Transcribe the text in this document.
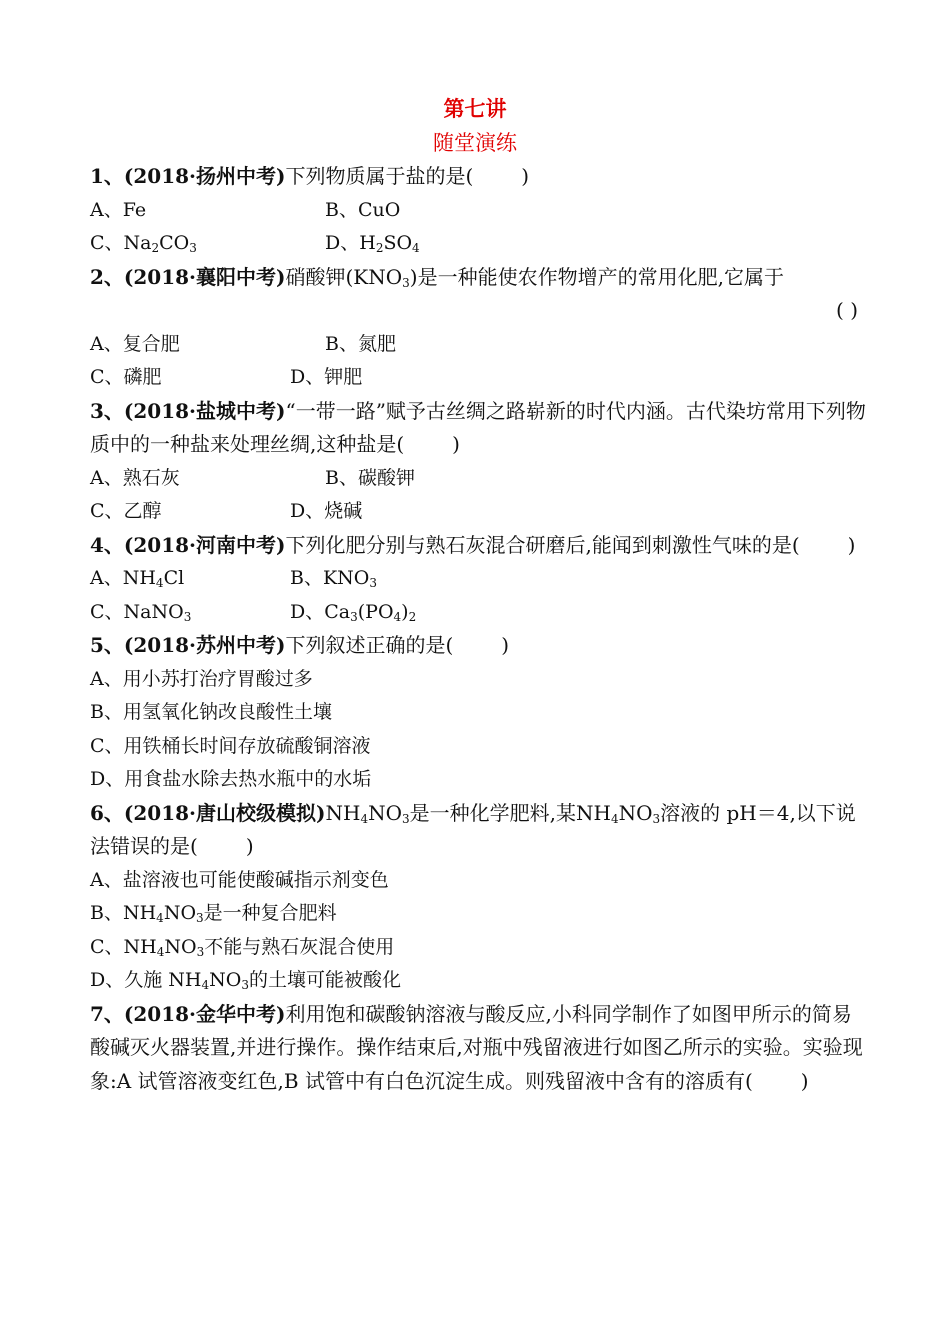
第七讲
随堂演练
1、(2018·扬州中考)下列物质属于盐的是( )
A、Fe	B、CuO
C、$Na_2CO_3$	D、$H_2SO_4$
2、(2018·襄阳中考)硝酸钾$(KNO_3)$是一种能使农作物增产的常用化肥,它属于
( )
A、复合肥	B、氮肥
C、磷肥	D、钾肥
3、(2018·盐城中考)“一带一路”赋予古丝绸之路崭新的时代内涵。古代染坊常用下列物质中的一种盐来处理丝绸,这种盐是( )
A、熟石灰	B、碳酸钾
C、乙醇	D、烧碱
4、(2018·河南中考)下列化肥分别与熟石灰混合研磨后,能闻到刺激性气味的是( )
A、$NH_4Cl$	B、$KNO_3$
C、NaNO$_3$	D、$Ca_3(PO_4)_2$
5、(2018·苏州中考)下列叙述正确的是( )
A、用小苏打治疗胃酸过多
B、用氢氧化钠改良酸性土壤
C、用铁桶长时间存放硫酸铜溶液
D、用食盐水除去热水瓶中的水垢
6、(2018·唐山校级模拟)$NH_4NO_3$是一种化学肥料,某$NH_4NO_3$溶液的 pH＝4,以下说法错误的是( )
A、盐溶液也可能使酸碱指示剂变色
B、$NH_4NO_3$是一种复合肥料
C、$NH_4NO_3$不能与熟石灰混合使用
D、久施 $NH_4NO_3$的土壤可能被酸化
7、(2018·金华中考)利用饱和碳酸钠溶液与酸反应,小科同学制作了如图甲所示的简易酸碱灭火器装置,并进行操作。操作结束后,对瓶中残留液进行如图乙所示的实验。实验现象:A 试管溶液变红色,B 试管中有白色沉淀生成。则残留液中含有的溶质有( )
